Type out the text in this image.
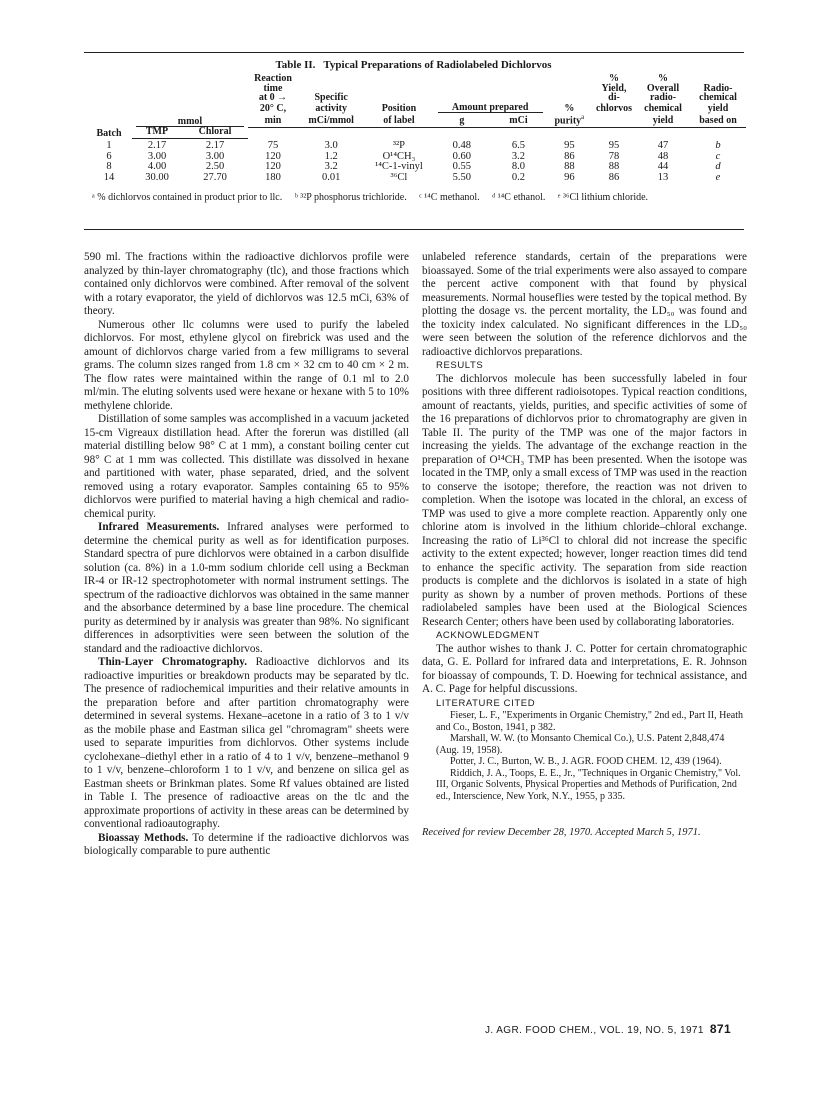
Table II. Typical Preparations of Radiolabeled Dichlorvos
Batch	mmol		Reaction						%	%	
			time						Yield,	Overall	Radio-
			at 0 →	Specific					di-	radio-	chemical
			20° C,	activity	Position	Amount prepared		%	chlorvos	chemical	yield
			min	mCi/mmol	of label	g	mCi	purity$^a$		yield	based on
	TMP	Chloral									
1	2.17	2.17	75	3.0	³²P	0.48	6.5	95	95	47	b
6	3.00	3.00	120	1.2	O¹⁴CH₃	0.60	3.2	86	78	48	c
8	4.00	2.50	120	3.2	¹⁴C-1-vinyl	0.55	8.0	88	88	44	d
14	30.00	27.70	180	0.01	³⁶Cl	5.50	0.2	96	86	13	e
ᵃ % dichlorvos contained in product prior to llc. ᵇ ³²P phosphorus trichloride. ᶜ ¹⁴C methanol. ᵈ ¹⁴C ethanol. ᵉ ³⁶Cl lithium chloride.

590 ml. The fractions within the radioactive dichlorvos profile were analyzed by thin-layer chromatography (tlc), and those fractions which contained only dichlorvos were combined. After removal of the solvent with a rotary evaporator, the yield of dichlorvos was 12.5 mCi, 63% of theory.

Numerous other llc columns were used to purify the labeled dichlorvos. For most, ethylene glycol on firebrick was used and the amount of dichlorvos charge varied from a few milligrams to several grams. The column sizes ranged from 1.8 cm × 32 cm to 40 cm × 2 m. The flow rates were maintained within the range of 0.1 ml to 2.0 ml/min. The eluting solvents used were hexane or hexane with 5 to 10% methylene chloride.

Distillation of some samples was accomplished in a vacuum jacketed 15-cm Vigreaux distillation head. After the forerun was distilled (all material distilling below 98° C at 1 mm), a constant boiling center cut 98° C at 1 mm was collected. This distillate was dissolved in hexane and partitioned with water, phase separated, dried, and the solvent removed using a rotary evaporator. Samples containing 65 to 95% dichlorvos were purified to material having a high chemical and radio-chemical purity.

Infrared Measurements. Infrared analyses were performed to determine the chemical purity as well as for identification purposes. Standard spectra of pure dichlorvos were obtained in a carbon disulfide solution (ca. 8%) in a 1.0-mm sodium chloride cell using a Beckman IR-4 or IR-12 spectrophotometer with normal instrument settings. The spectrum of the radioactive dichlorvos was obtained in the same manner and the absorbance determined by a base line procedure. The chemical purity as determined by ir analysis was greater than 98%. No significant differences in adsorptivities were seen between the solution of the standard and the radioactive dichlorvos.

Thin-Layer Chromatography. Radioactive dichlorvos and its radioactive impurities or breakdown products may be separated by tlc. The presence of radiochemical impurities and their relative amounts in the preparation before and after partition chromatography were determined in several systems. Hexane–acetone in a ratio of 3 to 1 v/v as the mobile phase and Eastman silica gel "chromagram" sheets were used to separate impurities from dichlorvos. Other systems include cyclohexane–diethyl ether in a ratio of 4 to 1 v/v, benzene–methanol 9 to 1 v/v, benzene–chloroform 1 to 1 v/v, and benzene on silica gel as Eastman sheets or Brinkman plates. Some Rf values obtained are listed in Table I. The presence of radioactive areas on the tlc and the approximate proportions of activity in these areas can be determined by conventional radioautography.

Bioassay Methods. To determine if the radioactive dichlorvos was biologically comparable to pure authentic

unlabeled reference standards, certain of the preparations were bioassayed. Some of the trial experiments were also assayed to compare the percent active component with that found by physical measurements. Normal houseflies were tested by the topical method. By plotting the dosage vs. the percent mortality, the LD₅₀ was found and the toxicity index calculated. No significant differences in the LD₅₀ were seen between the solution of the reference dichlorvos and the radioactive dichlorvos preparations.

RESULTS

The dichlorvos molecule has been successfully labeled in four positions with three different radioisotopes. Typical reaction conditions, amount of reactants, yields, purities, and specific activities of some of the 16 preparations of dichlorvos prior to chromatography are given in Table II. The purity of the TMP was one of the major factors in increasing the yields. The advantage of the exchange reaction in the preparation of O¹⁴CH₃ TMP has been presented. When the isotope was located in the TMP, only a small excess of TMP was used in the reaction to conserve the isotope; therefore, the reaction was not driven to completion. When the isotope was located in the chloral, an excess of TMP was used to give a more complete reaction. Apparently only one chlorine atom is involved in the lithium chloride–chloral exchange. Increasing the ratio of Li³⁶Cl to chloral did not increase the specific activity to the extent expected; however, longer reaction times did tend to enhance the specific activity. The separation from side reaction products is complete and the dichlorvos is isolated in a state of high purity as shown by a number of proven methods. Portions of these radiolabeled samples have been used at the Biological Sciences Research Center; others have been used by collaborating laboratories.

ACKNOWLEDGMENT

The author wishes to thank J. C. Potter for certain chromatographic data, G. E. Pollard for infrared data and interpretations, E. R. Johnson for bioassay of compounds, T. D. Hoewing for technical assistance, and A. C. Page for helpful discussions.

LITERATURE CITED

Fieser, L. F., "Experiments in Organic Chemistry," 2nd ed., Part II, Heath and Co., Boston, 1941, p 382.

Marshall, W. W. (to Monsanto Chemical Co.), U.S. Patent 2,848,474 (Aug. 19, 1958).

Potter, J. C., Burton, W. B., J. AGR. FOOD CHEM. 12, 439 (1964).

Riddich, J. A., Toops, E. E., Jr., "Techniques in Organic Chemistry," Vol. III, Organic Solvents, Physical Properties and Methods of Purification, 2nd ed., Interscience, New York, N.Y., 1955, p 335.

Received for review December 28, 1970. Accepted March 5, 1971.

J. AGR. FOOD CHEM., VOL. 19, NO. 5, 1971 871
